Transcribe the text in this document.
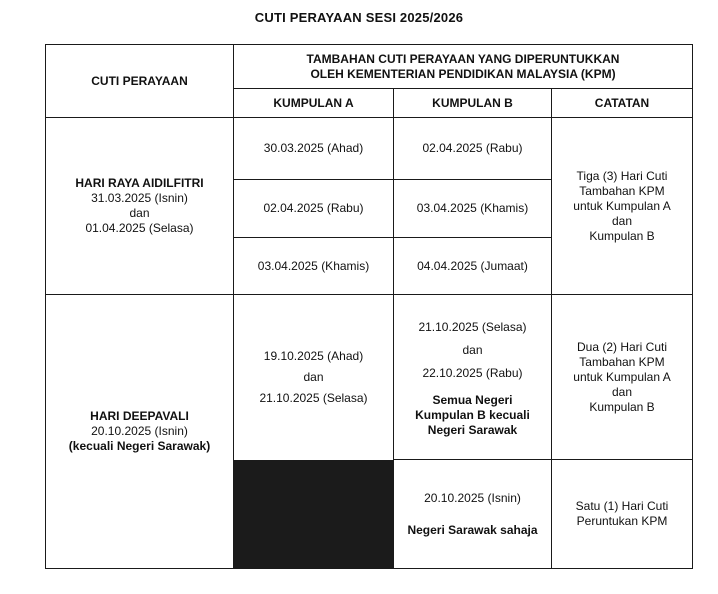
CUTI PERAYAAN SESI 2025/2026
CUTI PERAYAAN
TAMBAHAN CUTI PERAYAAN YANG DIPERUNTUKKAN
OLEH KEMENTERIAN PENDIDIKAN MALAYSIA (KPM)
KUMPULAN A	KUMPULAN B	CATATAN
HARI RAYA AIDILFITRI
31.03.2025 (Isnin)
dan
01.04.2025 (Selasa)
30.03.2025 (Ahad)
02.04.2025 (Rabu)
03.04.2025 (Khamis)
02.04.2025 (Rabu)
03.04.2025 (Khamis)
04.04.2025 (Jumaat)
Tiga (3) Hari Cuti
Tambahan KPM
untuk Kumpulan A
dan
Kumpulan B
HARI DEEPAVALI
20.10.2025 (Isnin)
(kecuali Negeri Sarawak)
19.10.2025 (Ahad)
dan
21.10.2025 (Selasa)
21.10.2025 (Selasa)
dan
22.10.2025 (Rabu)
Semua Negeri
Kumpulan B kecuali
Negeri Sarawak
Dua (2) Hari Cuti
Tambahan KPM
untuk Kumpulan A
dan
Kumpulan B
20.10.2025 (Isnin)
Negeri Sarawak sahaja
Satu (1) Hari Cuti
Peruntukan KPM
